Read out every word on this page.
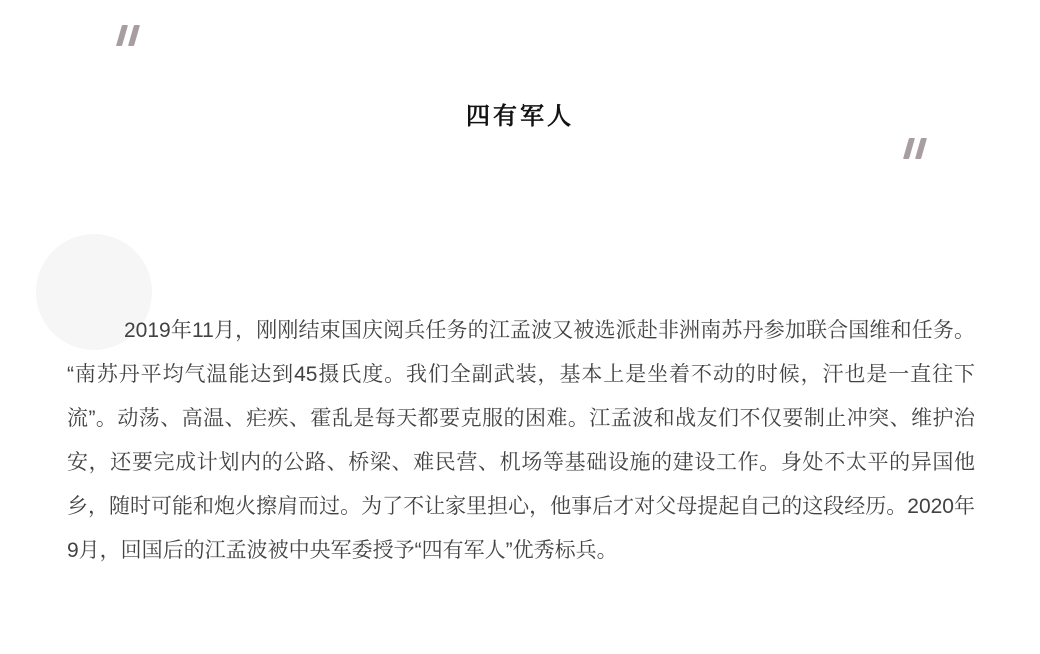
四有军人

2019年11月，刚刚结束国庆阅兵任务的江孟波又被选派赴非洲南苏丹参加联合国维和任务。“南苏丹平均气温能达到45摄氏度。我们全副武装，基本上是坐着不动的时候，汗也是一直往下流”。动荡、高温、疟疾、霍乱是每天都要克服的困难。江孟波和战友们不仅要制止冲突、维护治安，还要完成计划内的公路、桥梁、难民营、机场等基础设施的建设工作。身处不太平的异国他乡，随时可能和炮火擦肩而过。为了不让家里担心，他事后才对父母提起自己的这段经历。2020年9月，回国后的江孟波被中央军委授予“四有军人”优秀标兵。
